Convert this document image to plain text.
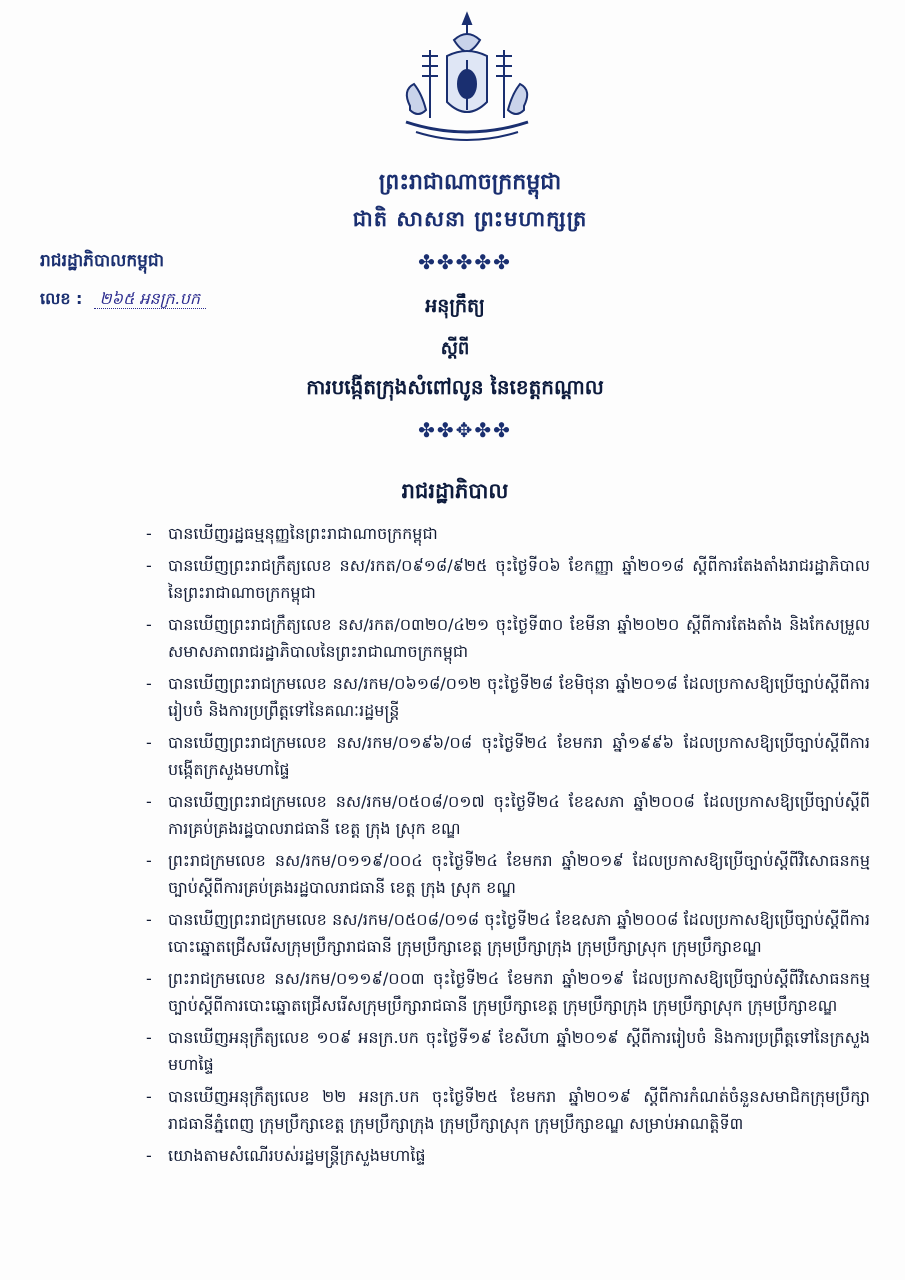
ព្រះរាជាណាចក្រកម្ពុជា
ជាតិ សាសនា ព្រះមហាក្សត្រ
✤✤✤✤✤
រាជរដ្ឋាភិបាលកម្ពុជា
លេខ : ២៦៥ អនក្រ.បក	អនុក្រឹត្យ
ស្តីពី
ការបង្កើតក្រុងសំពៅលូន នៃខេត្តកណ្ដាល
✤✤✥✤✤
រាជរដ្ឋាភិបាល
- បានឃើញរដ្ឋធម្មនុញ្ញនៃព្រះរាជាណាចក្រកម្ពុជា
- បានឃើញព្រះរាជក្រឹត្យលេខ នស/រកត/០៩១៨/៩២៥ ចុះថ្ងៃទី០៦ ខែកញ្ញា ឆ្នាំ២០១៨ ស្តីពីការតែងតាំងរាជរដ្ឋាភិបាលនៃព្រះរាជាណាចក្រកម្ពុជា
- បានឃើញព្រះរាជក្រឹត្យលេខ នស/រកត/០៣២០/៤២១ ចុះថ្ងៃទី៣០ ខែមីនា ឆ្នាំ២០២០ ស្តីពីការតែងតាំង និងកែសម្រួលសមាសភាពរាជរដ្ឋាភិបាលនៃព្រះរាជាណាចក្រកម្ពុជា
- បានឃើញព្រះរាជក្រមលេខ នស/រកម/០៦១៨/០១២ ចុះថ្ងៃទី២៨ ខែមិថុនា ឆ្នាំ២០១៨ ដែលប្រកាសឱ្យប្រើច្បាប់ស្តីពីការរៀបចំ និងការប្រព្រឹត្តទៅនៃគណៈរដ្ឋមន្ត្រី
- បានឃើញព្រះរាជក្រមលេខ នស/រកម/០១៩៦/០៨ ចុះថ្ងៃទី២៤ ខែមករា ឆ្នាំ១៩៩៦ ដែលប្រកាសឱ្យប្រើច្បាប់ស្តីពីការបង្កើតក្រសួងមហាផ្ទៃ
- បានឃើញព្រះរាជក្រមលេខ នស/រកម/០៥០៨/០១៧ ចុះថ្ងៃទី២៤ ខែឧសភា ឆ្នាំ២០០៨ ដែលប្រកាសឱ្យប្រើច្បាប់ស្តីពីការគ្រប់គ្រងរដ្ឋបាលរាជធានី ខេត្ត ក្រុង ស្រុក ខណ្ឌ
- ព្រះរាជក្រមលេខ នស/រកម/០១១៩/០០៤ ចុះថ្ងៃទី២៤ ខែមករា ឆ្នាំ២០១៩ ដែលប្រកាសឱ្យប្រើច្បាប់ស្តីពីវិសោធនកម្មច្បាប់ស្តីពីការគ្រប់គ្រងរដ្ឋបាលរាជធានី ខេត្ត ក្រុង ស្រុក ខណ្ឌ
- បានឃើញព្រះរាជក្រមលេខ នស/រកម/០៥០៨/០១៨ ចុះថ្ងៃទី២៤ ខែឧសភា ឆ្នាំ២០០៨ ដែលប្រកាសឱ្យប្រើច្បាប់ស្តីពីការបោះឆ្នោតជ្រើសរើសក្រុមប្រឹក្សារាជធានី ក្រុមប្រឹក្សាខេត្ត ក្រុមប្រឹក្សាក្រុង ក្រុមប្រឹក្សាស្រុក ក្រុមប្រឹក្សាខណ្ឌ
- ព្រះរាជក្រមលេខ នស/រកម/០១១៩/០០៣ ចុះថ្ងៃទី២៤ ខែមករា ឆ្នាំ២០១៩ ដែលប្រកាសឱ្យប្រើច្បាប់ស្តីពីវិសោធនកម្មច្បាប់ស្តីពីការបោះឆ្នោតជ្រើសរើសក្រុមប្រឹក្សារាជធានី ក្រុមប្រឹក្សាខេត្ត ក្រុមប្រឹក្សាក្រុង ក្រុមប្រឹក្សាស្រុក ក្រុមប្រឹក្សាខណ្ឌ
- បានឃើញអនុក្រឹត្យលេខ ១០៩ អនក្រ.បក ចុះថ្ងៃទី១៩ ខែសីហា ឆ្នាំ២០១៩ ស្តីពីការរៀបចំ និងការប្រព្រឹត្តទៅនៃក្រសួងមហាផ្ទៃ
- បានឃើញអនុក្រឹត្យលេខ ២២ អនក្រ.បក ចុះថ្ងៃទី២៥ ខែមករា ឆ្នាំ២០១៩ ស្តីពីការកំណត់ចំនួនសមាជិកក្រុមប្រឹក្សារាជធានីភ្នំពេញ ក្រុមប្រឹក្សាខេត្ត ក្រុមប្រឹក្សាក្រុង ក្រុមប្រឹក្សាស្រុក ក្រុមប្រឹក្សាខណ្ឌ សម្រាប់អាណត្តិទី៣
- យោងតាមសំណើរបស់រដ្ឋមន្ត្រីក្រសួងមហាផ្ទៃ
